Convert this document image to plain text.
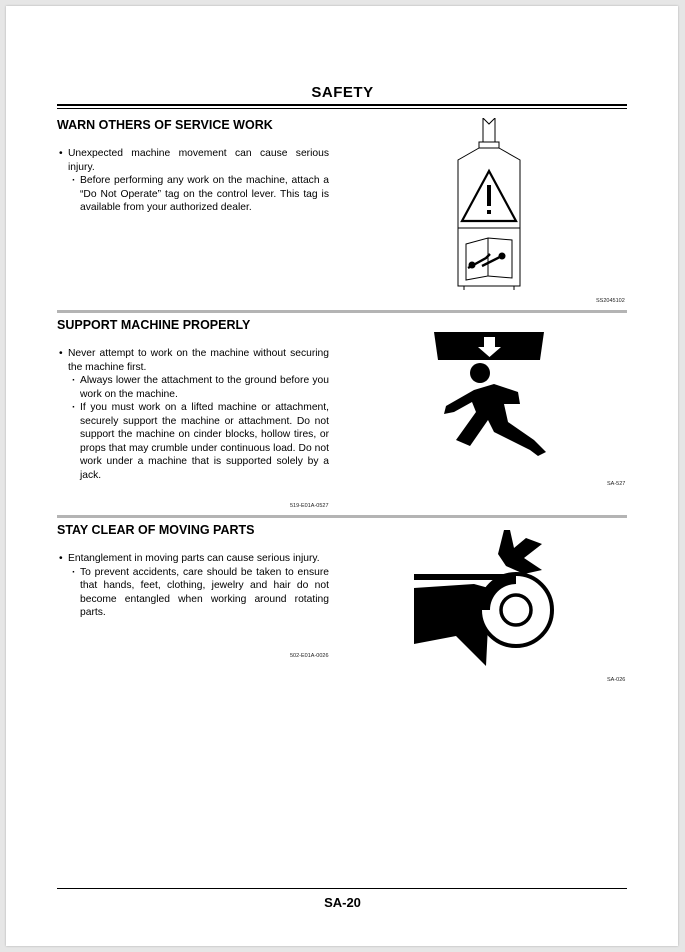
SAFETY
WARN OTHERS OF SERVICE WORK

• Unexpected machine movement can cause serious injury.

· Before performing any work on the machine, attach a “Do Not Operate” tag on the control lever. This tag is available from your authorized dealer.

SS2045102
SUPPORT MACHINE PROPERLY

• Never attempt to work on the machine without securing the machine first.

· Always lower the attachment to the ground before you work on the machine.

· If you must work on a lifted machine or attachment, securely support the machine or attachment. Do not support the machine on cinder blocks, hollow tires, or props that may crumble under continuous load. Do not work under a machine that is supported solely by a jack.

519-E01A-0527
SA-527
STAY CLEAR OF MOVING PARTS

• Entanglement in moving parts can cause serious injury.

· To prevent accidents, care should be taken to ensure that hands, feet, clothing, jewelry and hair do not become entangled when working around rotating parts.

502-E01A-0026
SA-026
SA-20
